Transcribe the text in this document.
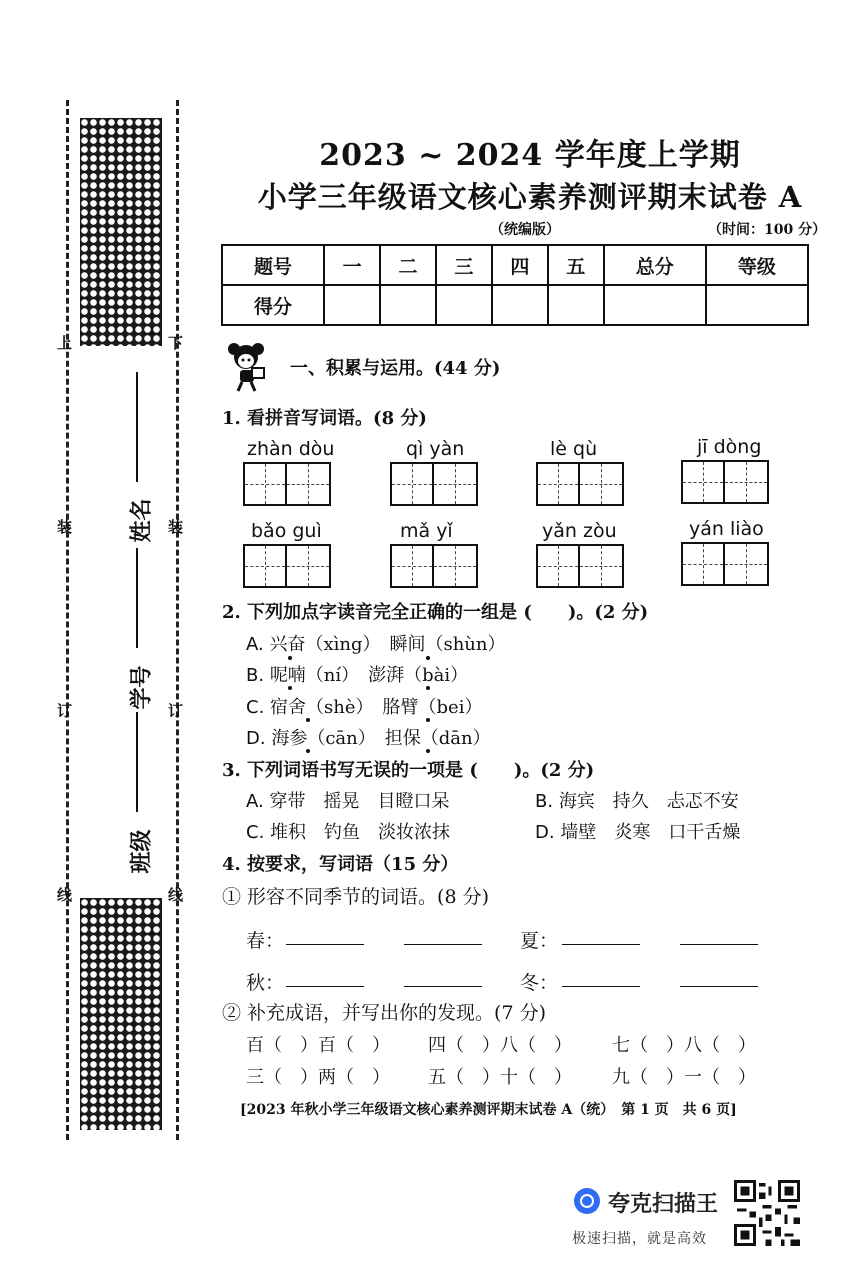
上	下
装	装
订	订
线	线
姓名
学号
班级
2023 ~ 2024 学年度上学期
小学三年级语文核心素养测评期末试卷 A
（统编版）	（时间：100 分）
题号	一	二	三	四	五	总分	等级
得分							
一、积累与运用。(44 分)
1. 看拼音写词语。(8 分)
zhàn dòu	qì yàn	lè qù	jī dòng
bǎo guì	mǎ yǐ	yǎn zòu	yán liào
2. 下列加点字读音完全正确的一组是 (　　)。(2 分)
A. 兴奋（xìng）　瞬间（shùn）
B. 呢喃（ní）　澎湃（bài）
C. 宿舍（shè）　胳臂（bei）
D. 海参（cān）　担保（dān）
3. 下列词语书写无误的一项是 (　　)。(2 分)
A. 穿带　摇晃　目瞪口呆	B. 海宾　持久　忐忑不安
C. 堆积　钓鱼　淡妆浓抹	D. 墙壁　炎寒　口干舌燥
4. 按要求，写词语（15 分）
① 形容不同季节的词语。(8 分)
春：	夏：
秋：	冬：
② 补充成语，并写出你的发现。(7 分)
百（　）百（　） 四（　）八（　） 七（　）八（　）
三（　）两（　） 五（　）十（　） 九（　）一（　）
[2023 年秋小学三年级语文核心素养测评期末试卷 A（统）　第 1 页　共 6 页]
夸克扫描王
极速扫描，就是高效
